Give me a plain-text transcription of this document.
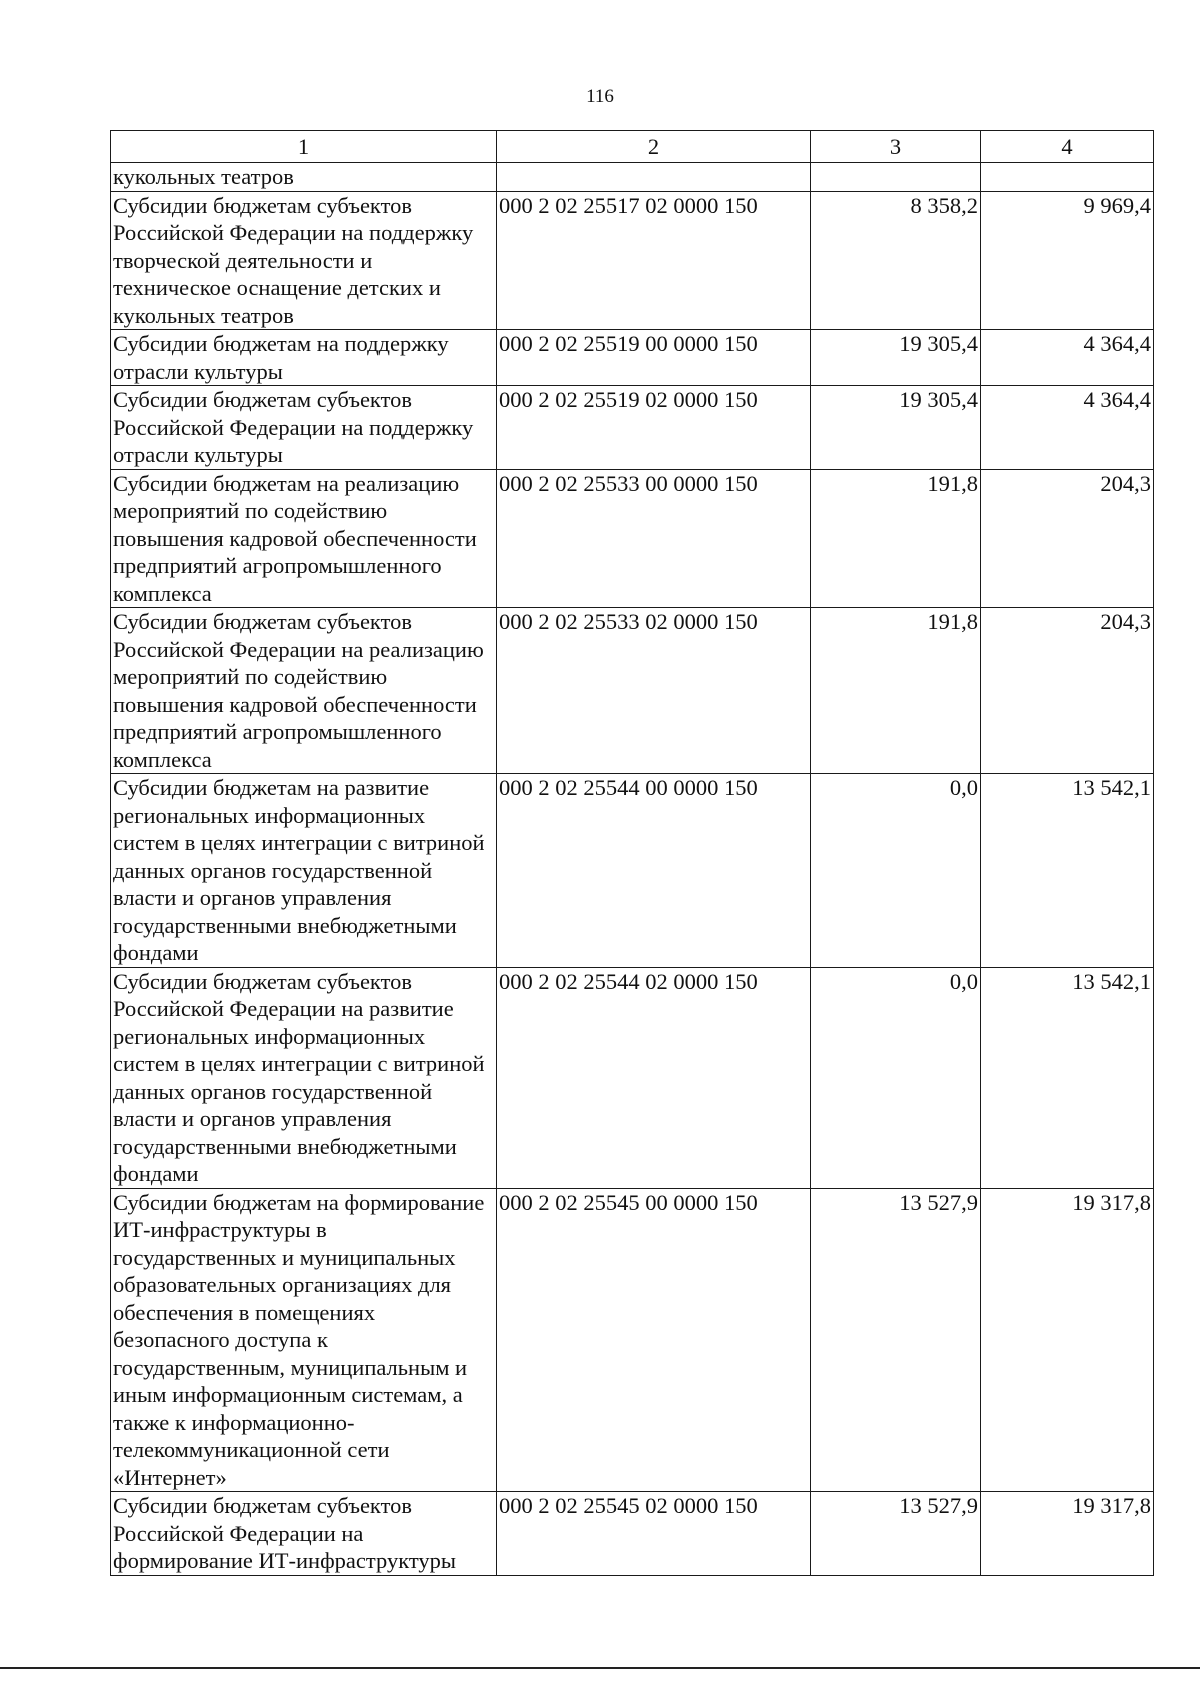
116
1	2	3	4
кукольных театров			
Субсидии бюджетам субъектов Российской Федерации на поддержку творческой деятельности и техническое оснащение детских и кукольных театров	000 2 02 25517 02 0000 150	8 358,2	9 969,4
Субсидии бюджетам на поддержку отрасли культуры	000 2 02 25519 00 0000 150	19 305,4	4 364,4
Субсидии бюджетам субъектов Российской Федерации на поддержку отрасли культуры	000 2 02 25519 02 0000 150	19 305,4	4 364,4
Субсидии бюджетам на реализацию мероприятий по содействию повышения кадровой обеспеченности предприятий агропромышленного комплекса	000 2 02 25533 00 0000 150	191,8	204,3
Субсидии бюджетам субъектов Российской Федерации на реализацию мероприятий по содействию повышения кадровой обеспеченности предприятий агропромышленного комплекса	000 2 02 25533 02 0000 150	191,8	204,3
Субсидии бюджетам на развитие региональных информационных систем в целях интеграции с витриной данных органов государственной власти и органов управления государственными внебюджетными фондами	000 2 02 25544 00 0000 150	0,0	13 542,1
Субсидии бюджетам субъектов Российской Федерации на развитие региональных информационных систем в целях интеграции с витриной данных органов государственной власти и органов управления государственными внебюджетными фондами	000 2 02 25544 02 0000 150	0,0	13 542,1
Субсидии бюджетам на формирование ИТ-инфраструктуры в государственных и муниципальных образовательных организациях для обеспечения в помещениях безопасного доступа к государственным, муниципальным и иным информационным системам, а также к информационно-телекоммуникационной сети «Интернет»	000 2 02 25545 00 0000 150	13 527,9	19 317,8
Субсидии бюджетам субъектов Российской Федерации на формирование ИТ-инфраструктуры	000 2 02 25545 02 0000 150	13 527,9	19 317,8
